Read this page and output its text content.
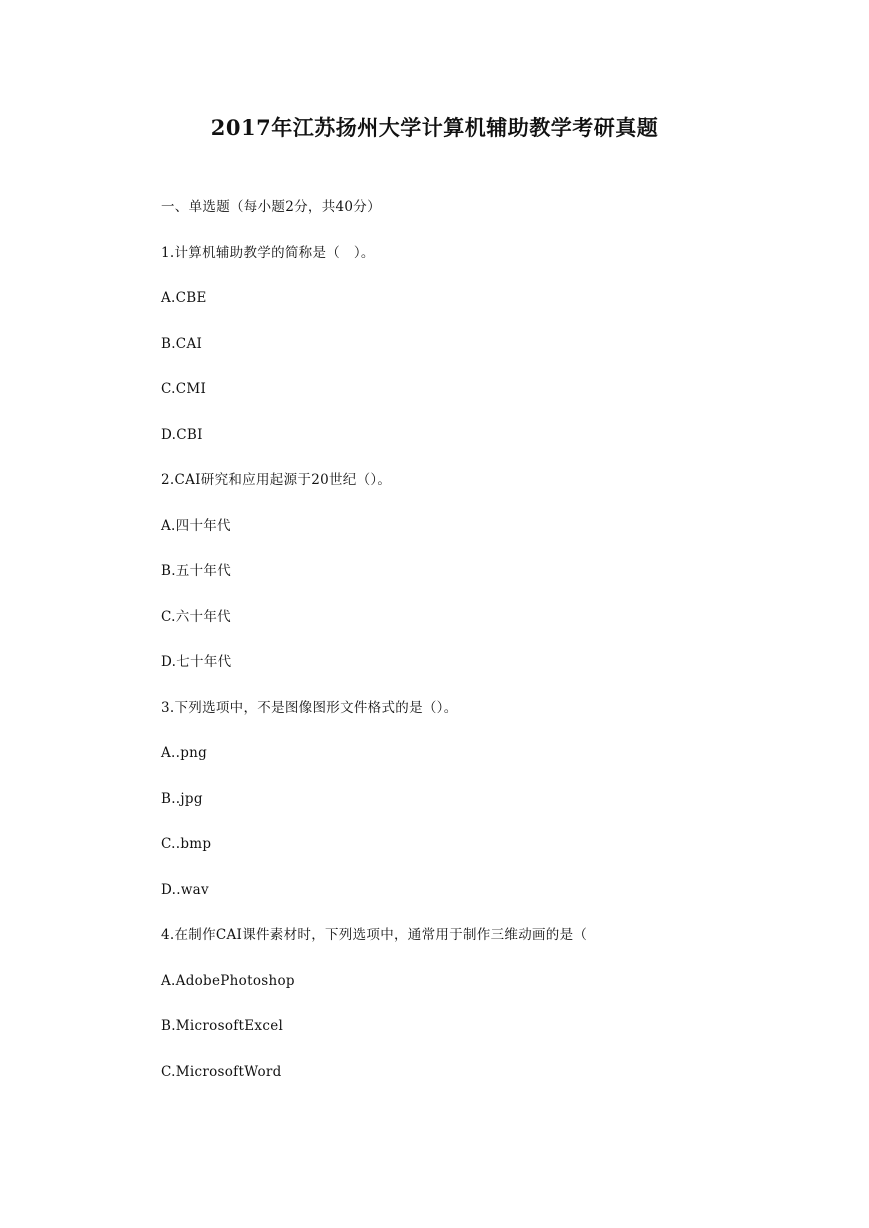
2017年江苏扬州大学计算机辅助教学考研真题
一、单选题（每小题2分，共40分）
1.计算机辅助教学的简称是（　）。
A.CBE
B.CAI
C.CMI
D.CBI
2.CAI研究和应用起源于20世纪（）。
A.四十年代
B.五十年代
C.六十年代
D.七十年代
3.下列选项中，不是图像图形文件格式的是（）。
A..png
B..jpg
C..bmp
D..wav
4.在制作CAI课件素材时，下列选项中，通常用于制作三维动画的是（
A.AdobePhotoshop
B.MicrosoftExcel
C.MicrosoftWord
